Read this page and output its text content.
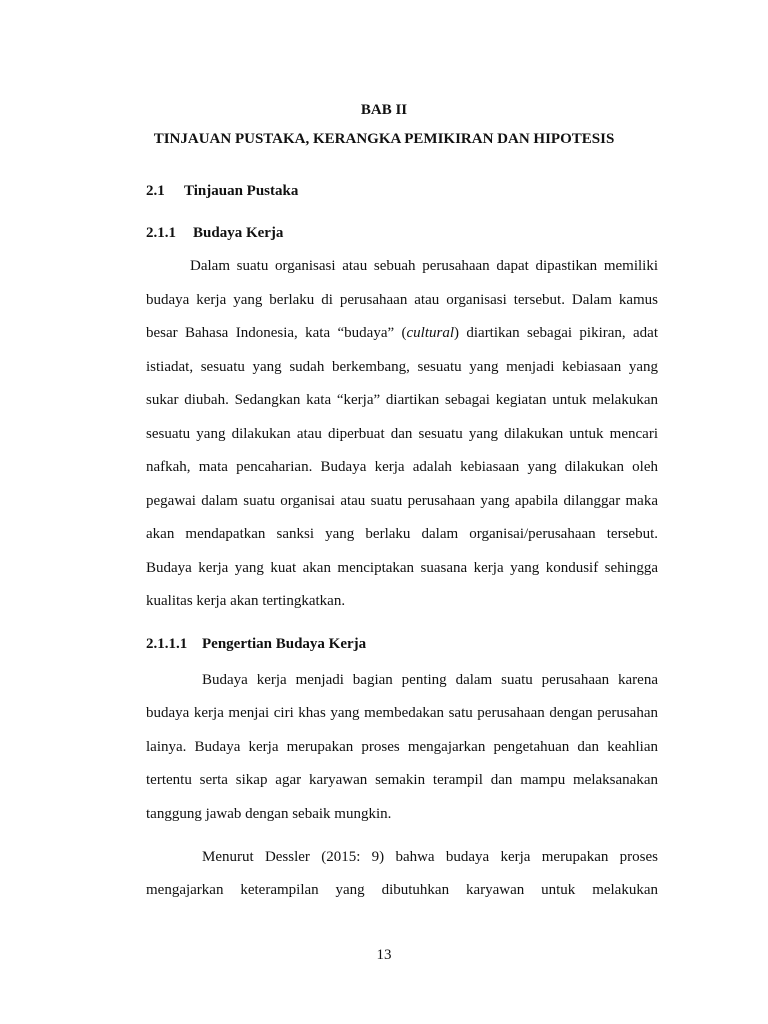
BAB II
TINJAUAN PUSTAKA, KERANGKA PEMIKIRAN DAN HIPOTESIS
2.1 Tinjauan Pustaka
2.1.1 Budaya Kerja
Dalam suatu organisasi atau sebuah perusahaan dapat dipastikan memiliki
budaya kerja yang berlaku di perusahaan atau organisasi tersebut. Dalam kamus
besar Bahasa Indonesia, kata “budaya” (cultural) diartikan sebagai pikiran, adat
istiadat, sesuatu yang sudah berkembang, sesuatu yang menjadi kebiasaan yang
sukar diubah. Sedangkan kata “kerja” diartikan sebagai kegiatan untuk melakukan
sesuatu yang dilakukan atau diperbuat dan sesuatu yang dilakukan untuk mencari
nafkah, mata pencaharian. Budaya kerja adalah kebiasaan yang dilakukan oleh
pegawai dalam suatu organisai atau suatu perusahaan yang apabila dilanggar maka
akan mendapatkan sanksi yang berlaku dalam organisai/perusahaan tersebut.
Budaya kerja yang kuat akan menciptakan suasana kerja yang kondusif sehingga
kualitas kerja akan tertingkatkan.
2.1.1.1 Pengertian Budaya Kerja
Budaya kerja menjadi bagian penting dalam suatu perusahaan karena
budaya kerja menjai ciri khas yang membedakan satu perusahaan dengan perusahan
lainya. Budaya kerja merupakan proses mengajarkan pengetahuan dan keahlian
tertentu serta sikap agar karyawan semakin terampil dan mampu melaksanakan
tanggung jawab dengan sebaik mungkin.
Menurut Dessler (2015: 9) bahwa budaya kerja merupakan proses
mengajarkan keterampilan yang dibutuhkan karyawan untuk melakukan
13
